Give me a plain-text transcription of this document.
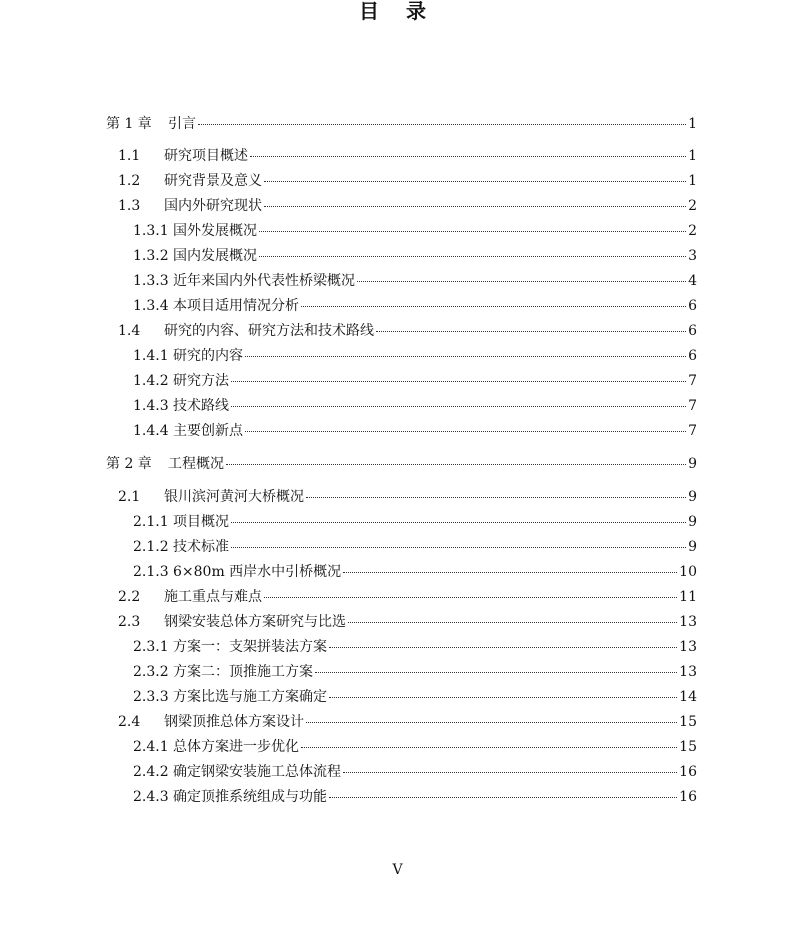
目 录
第 1 章	引言	1
1.1	研究项目概述	1
1.2	研究背景及意义	1
1.3	国内外研究现状	2
1.3.1 国外发展概况	2
1.3.2 国内发展概况	3
1.3.3 近年来国内外代表性桥梁概况	4
1.3.4 本项目适用情况分析	6
1.4	研究的内容、研究方法和技术路线	6
1.4.1 研究的内容	6
1.4.2 研究方法	7
1.4.3 技术路线	7
1.4.4 主要创新点	7
第 2 章	工程概况	9
2.1	银川滨河黄河大桥概况	9
2.1.1 项目概况	9
2.1.2 技术标准	9
2.1.3 6×80m 西岸水中引桥概况	10
2.2	施工重点与难点	11
2.3	钢梁安装总体方案研究与比选	13
2.3.1 方案一：支架拼装法方案	13
2.3.2 方案二：顶推施工方案	13
2.3.3 方案比选与施工方案确定	14
2.4	钢梁顶推总体方案设计	15
2.4.1 总体方案进一步优化	15
2.4.2 确定钢梁安装施工总体流程	16
2.4.3 确定顶推系统组成与功能	16
V
